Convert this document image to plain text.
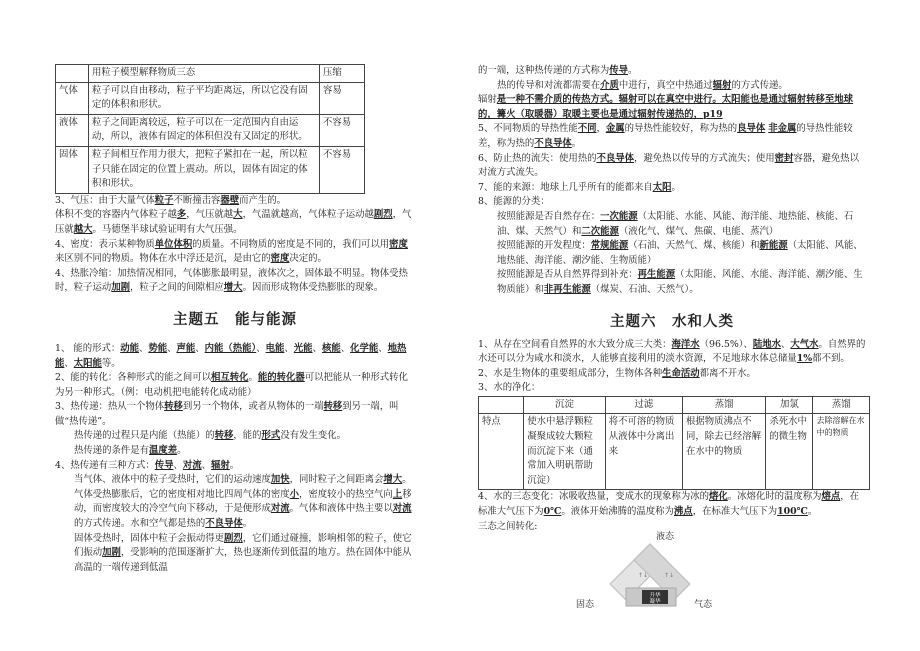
	用粒子模型解释物质三态	压缩
气体	粒子可以自由移动，粒子平均距离远，所以它没有固定的体积和形状。	容易
液体	粒子之间距离较远，粒子可以在一定范围内自由运动，所以，液体有固定的体积但没有又固定的形状。	不容易
固体	粒子间相互作用力很大，把粒子紧扣在一起，所以粒子只能在固定的位置上震动。所以，固体有固定的体积和形状。	不容易

3、气压：由于大量气体粒子不断撞击容器壁而产生的。

体积不变的容器内气体粒子越多，气压就越大，气温就越高，气体粒子运动越剧烈，气压就越大。马德堡半球试验证明有大气压强。

4、密度：表示某种物质单位体积的质量。不同物质的密度是不同的，我们可以用密度来区别不同的物质。物体在水中浮还是沉，是由它的密度决定的。

4、热胀冷缩：加热情况相同，气体膨胀最明显，液体次之，固体最不明显。物体受热时，粒子运动加剧，粒子之间的间隙相应增大。因而形成物体受热膨胀的现象。

主题五　能与能源

1、 能的形式：动能、势能、声能、内能（热能）、电能、光能、核能、化学能、地热能、太阳能等。

2、能的转化：各种形式的能之间可以相互转化。能的转化器可以把能从一种形式转化为另一种形式。（例：电动机把电能转化成动能）

3、热传递：热从一个物体转移到另一个物体，或者从物体的一端转移到另一端，叫做“热传递”。

热传递的过程只是内能（热能）的转移，能的形式没有发生变化。

热传递的条件是有温度差。

4、热传递有三种方式：传导、对流、辐射。

当气体、液体中的粒子受热时，它们的运动速度加快，同时粒子之间距离会增大。气体受热膨胀后，它的密度相对地比四周气体的密度小，密度较小的热空气向上移动，而密度较大的冷空气向下移动，于是便形成对流。气体和液体中热主要以对流的方式传递。水和空气都是热的不良导体。

固体受热时，固体中粒子会振动得更剧烈，它们通过碰撞，影响相邻的粒子，使它们振动加剧，受影响的范围逐渐扩大，热也逐渐传到低温的地方。热在固体中能从高温的一端传递到低温

的一端，这种热传递的方式称为传导。

热的传导和对流都需要在介质中进行，真空中热通过辐射的方式传递。

辐射是一种不需介质的传热方式。辐射可以在真空中进行。太阳能也是通过辐射转移至地球的，篝火（取暖器）取暖主要也是通过辐射传递热的，p19

5、不同物质的导热性能不同，金属的导热性能较好，称为热的良导体 非金属的导热性能较差，称为热的不良导体。

6、防止热的流失：使用热的不良导体，避免热以传导的方式流失；使用密封容器，避免热以对流方式流失。

7、能的来源：地球上几乎所有的能都来自太阳。

8、能源的分类：

按照能源是否自然存在：一次能源（太阳能、水能、风能、海洋能、地热能、核能、石油、煤、天然气）和二次能源（液化气、煤气、焦碳、电能、蒸汽）

按照能源的开发程度：常规能源（石油、天然气、煤、核能）和新能源（太阳能、风能、地热能、海洋能、潮汐能、生物质能）

按照能源是否从自然界得到补充：再生能源（太阳能、风能、水能、海洋能、潮汐能、生物质能）和非再生能源（煤炭、石油、天然气）。

主题六　水和人类

1、从存在空间看自然界的水大致分成三大类：海洋水（96.5%）、陆地水、大气水。自然界的水还可以分为咸水和淡水，人能够直接利用的淡水资源，不足地球水体总储量1%都不到。

2、水是生物体的重要组成部分，生物体各种生命活动都离不开水。

3、水的净化：

	沉淀	过滤	蒸馏	加氯	蒸馏
特点	使水中悬浮颗粒凝聚成较大颗粒而沉淀下来（通常加入明矾帮助沉淀）	将不可溶的物质从液体中分离出来	根据物质沸点不同，除去已经溶解在水中的物质	杀死水中的微生物	去除溶解在水中的物质

4、水的三态变化：冰吸收热量，变成水的现象称为冰的熔化。冰熔化时的温度称为熔点，在标准大气压下为0℃。液体开始沸腾的温度称为沸点，在标准大气压下为100℃。

三态之间转化:

升华
凝华
↑↓	↑↓
液态
固态	气态
